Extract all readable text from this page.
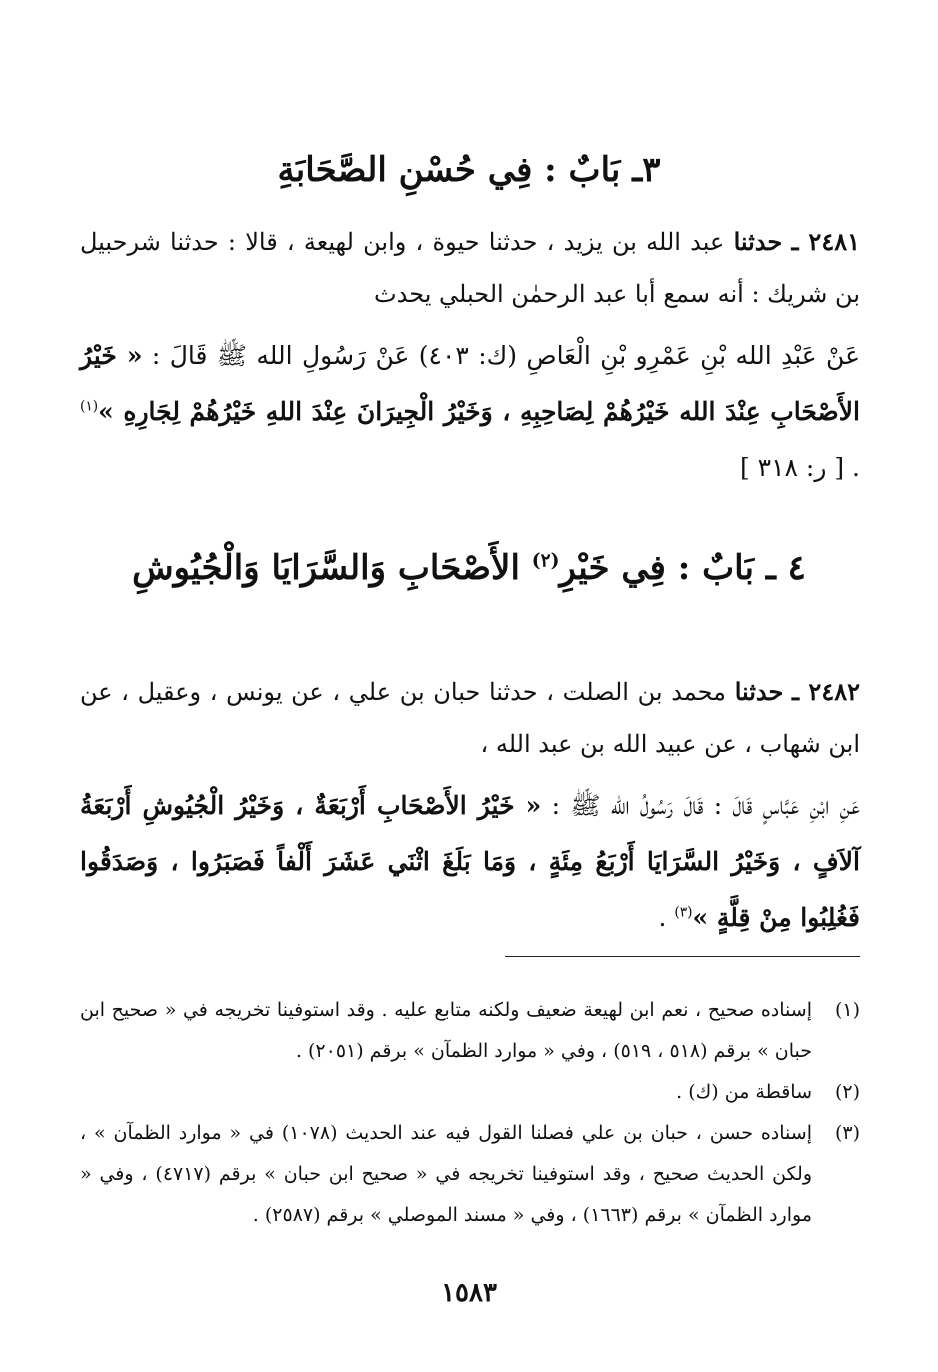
٣ـ بَابٌ : فِي حُسْنِ الصَّحَابَةِ
٢٤٨١ ـ حدثنا عبد الله بن يزيد ، حدثنا حيوة ، وابن لهيعة ، قالا : حدثنا شرحبيل بن شريك : أنه سمع أبا عبد الرحمٰن الحبلي يحدث
عَنْ عَبْدِ الله بْنِ عَمْرِو بْنِ الْعَاصِ (ك: ٤٠٣) عَنْ رَسُولِ الله ﷺ قَالَ : « خَيْرُ الأَصْحَابِ عِنْدَ الله خَيْرُهُمْ لِصَاحِبِهِ ، وَخَيْرُ الْجِيرَانَ عِنْدَ اللهِ خَيْرُهُمْ لِجَارِهِ »$^{(١)}$ . [ ر: ٣١٨ ]
٤ ـ بَابٌ : فِي خَيْرِ$^{(٢)}$ الأَصْحَابِ وَالسَّرَايَا وَالْجُيُوشِ
٢٤٨٢ ـ حدثنا محمد بن الصلت ، حدثنا حبان بن علي ، عن يونس ، وعقيل ، عن ابن شهاب ، عن عبيد الله بن عبد الله ،
عَنِ ابْنِ عَبَّاسٍ قَالَ : قَالَ رَسُولُ الله ﷺ : « خَيْرُ الأَصْحَابِ أَرْبَعَةٌ ، وَخَيْرُ الْجُيُوشِ أَرْبَعَةُ آلاَفٍ ، وَخَيْرُ السَّرَايَا أَرْبَعُ مِئَةٍ ، وَمَا بَلَغَ اثْنَي عَشَرَ أَلْفاً فَصَبَرُوا ، وَصَدَقُوا فَغُلِبُوا مِنْ قِلَّةٍ »$^{(٣)}$ .
(١)
إسناده صحيح ، نعم ابن لهيعة ضعيف ولكنه متابع عليه . وقد استوفينا تخريجه في « صحيح ابن حبان » برقم (٥١٨ ، ٥١٩) ، وفي « موارد الظمآن » برقم (٢٠٥١) .
(٢)
ساقطة من (ك) .
(٣)
إسناده حسن ، حبان بن علي فصلنا القول فيه عند الحديث (١٠٧٨) في « موارد الظمآن » ، ولكن الحديث صحيح ، وقد استوفينا تخريجه في « صحيح ابن حبان » برقم (٤٧١٧) ، وفي « موارد الظمآن » برقم (١٦٦٣) ، وفي « مسند الموصلي » برقم (٢٥٨٧) .
١٥٨٣
